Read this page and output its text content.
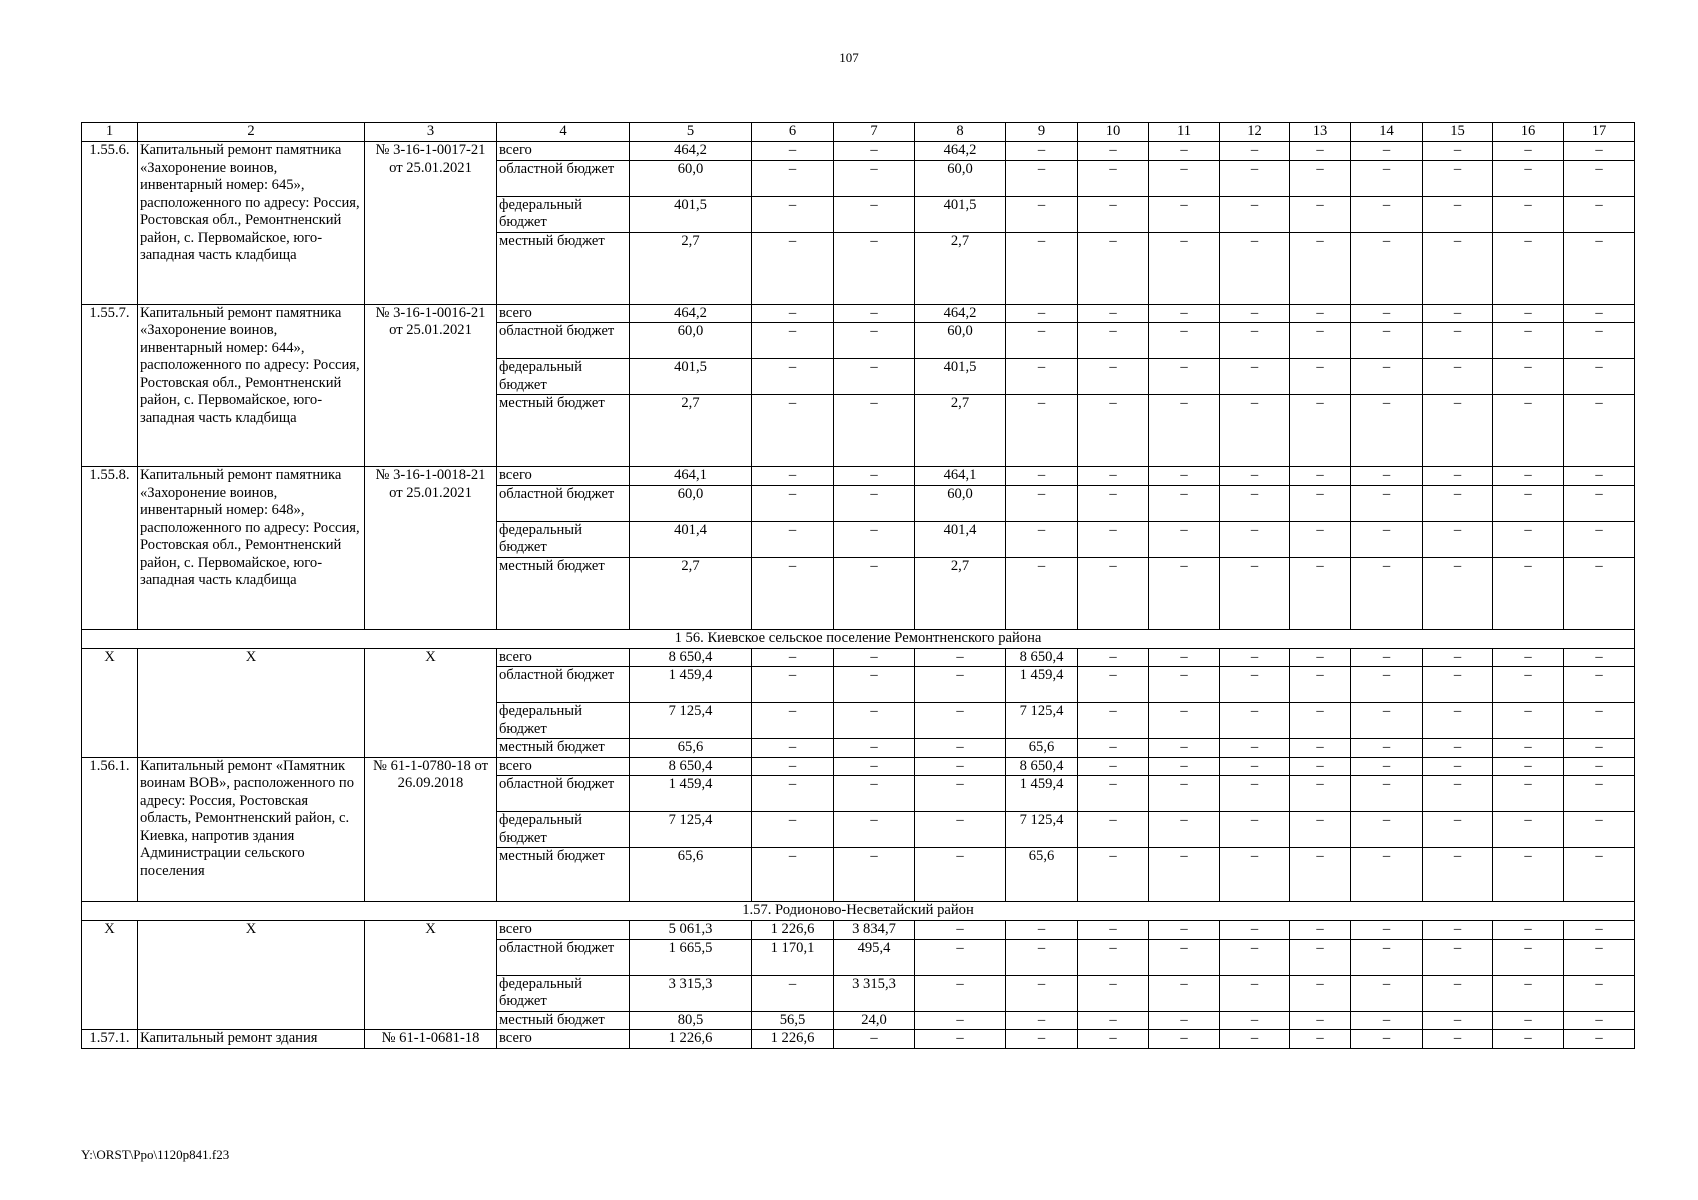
107
1	2	3	4	5	6	7	8	9	10	11	12	13	14	15	16	17
1.55.6.	Капитальный ремонт памятника «Захоронение воинов, инвентарный номер: 645», расположенного по адресу: Россия, Ростовская обл., Ремонтненский район, с. Первомайское, юго-западная часть кладбища	№ 3-16-1-0017-21 от 25.01.2021	всего	464,2	–	–	464,2	–	–	–	–	–	–	–	–	–
			областной бюджет	60,0	–	–	60,0	–	–	–	–	–	–	–	–	–
			федеральный бюджет	401,5	–	–	401,5	–	–	–	–	–	–	–	–	–
			местный бюджет	2,7	–	–	2,7	–	–	–	–	–	–	–	–	–
1.55.7.	Капитальный ремонт памятника «Захоронение воинов, инвентарный номер: 644», расположенного по адресу: Россия, Ростовская обл., Ремонтненский район, с. Первомайское, юго-западная часть кладбища	№ 3-16-1-0016-21 от 25.01.2021	всего	464,2	–	–	464,2	–	–	–	–	–	–	–	–	–
			областной бюджет	60,0	–	–	60,0	–	–	–	–	–	–	–	–	–
			федеральный бюджет	401,5	–	–	401,5	–	–	–	–	–	–	–	–	–
			местный бюджет	2,7	–	–	2,7	–	–	–	–	–	–	–	–	–
1.55.8.	Капитальный ремонт памятника «Захоронение воинов, инвентарный номер: 648», расположенного по адресу: Россия, Ростовская обл., Ремонтненский район, с. Первомайское, юго-западная часть кладбища	№ 3-16-1-0018-21 от 25.01.2021	всего	464,1	–	–	464,1	–	–	–	–	–	–	–	–	–
			областной бюджет	60,0	–	–	60,0	–	–	–	–	–	–	–	–	–
			федеральный бюджет	401,4	–	–	401,4	–	–	–	–	–	–	–	–	–
			местный бюджет	2,7	–	–	2,7	–	–	–	–	–	–	–	–	–
1 56. Киевское сельское поселение Ремонтненского района																
X	X	X	всего	8 650,4	–	–	–	8 650,4	–	–	–	–	–	–	–	–
			областной бюджет	1 459,4	–	–	–	1 459,4	–	–	–	–	–	–	–	–
			федеральный бюджет	7 125,4	–	–	–	7 125,4	–	–	–	–	–	–	–	–
			местный бюджет	65,6	–	–	–	65,6	–	–	–	–	–	–	–	–
1.56.1.	Капитальный ремонт «Памятник воинам ВОВ», расположенного по адресу: Россия, Ростовская область, Ремонтненский район, с. Киевка, напротив здания Администрации сельского поселения	№ 61-1-0780-18 от 26.09.2018	всего	8 650,4	–	–	–	8 650,4	–	–	–	–	–	–	–	–
			областной бюджет	1 459,4	–	–	–	1 459,4	–	–	–	–	–	–	–	–
			федеральный бюджет	7 125,4	–	–	–	7 125,4	–	–	–	–	–	–	–	–
			местный бюджет	65,6	–	–	–	65,6	–	–	–	–	–	–	–	–
1.57. Родионово-Несветайский район																
X	X	X	всего	5 061,3	1 226,6	3 834,7	–	–	–	–	–	–	–	–	–	–
			областной бюджет	1 665,5	1 170,1	495,4	–	–	–	–	–	–	–	–	–	–
			федеральный бюджет	3 315,3	–	3 315,3	–	–	–	–	–	–	–	–	–	–
			местный бюджет	80,5	56,5	24,0	–	–	–	–	–	–	–	–	–	–
1.57.1.	Капитальный ремонт здания	№ 61-1-0681-18	всего	1 226,6	1 226,6	–	–	–	–	–	–	–	–	–	–	–
Y:\ORST\Ppo\1120p841.f23
